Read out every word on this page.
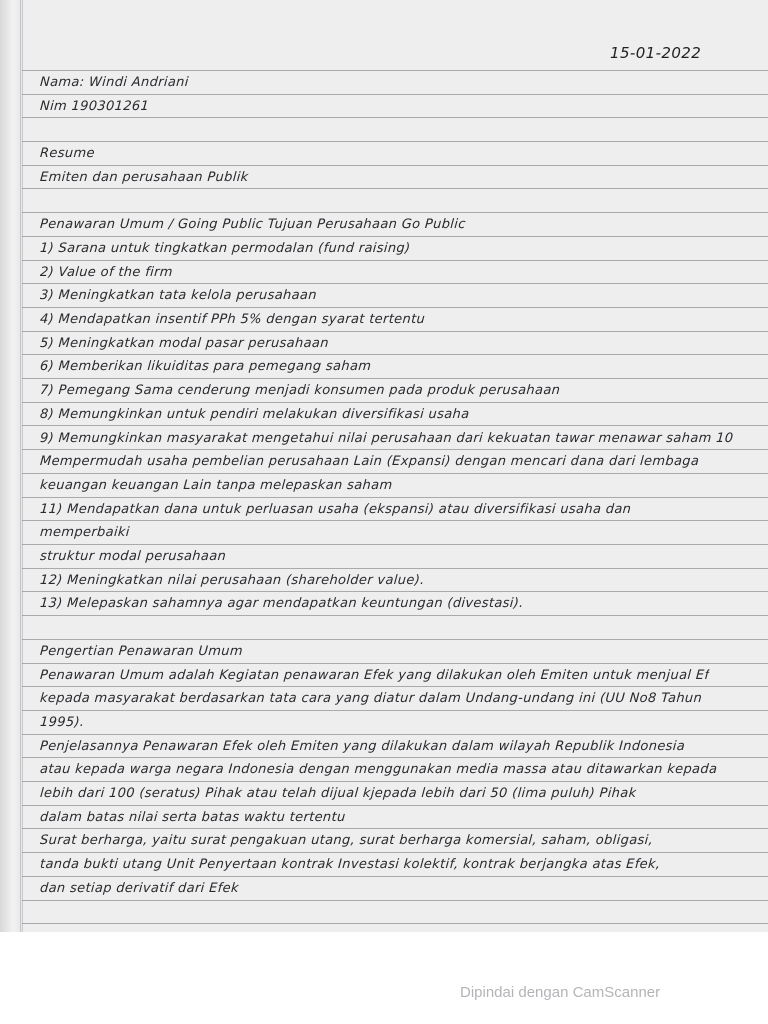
15-01-2022
Nama: Windi Andriani
Nim 190301261
Resume
Emiten dan perusahaan Publik
Penawaran Umum / Going Public Tujuan Perusahaan Go Public
1) Sarana untuk tingkatkan permodalan (fund raising)
2) Value of the firm
3) Meningkatkan tata kelola perusahaan
4) Mendapatkan insentif PPh 5% dengan syarat tertentu
5) Meningkatkan modal pasar perusahaan
6) Memberikan likuiditas para pemegang saham
7) Pemegang Sama cenderung menjadi konsumen pada produk perusahaan
8) Memungkinkan untuk pendiri melakukan diversifikasi usaha
9) Memungkinkan masyarakat mengetahui nilai perusahaan dari kekuatan tawar menawar saham 10
Mempermudah usaha pembelian perusahaan Lain (Expansi) dengan mencari dana dari lembaga
keuangan keuangan Lain tanpa melepaskan saham
11) Mendapatkan dana untuk perluasan usaha (ekspansi) atau diversifikasi usaha dan
memperbaiki
struktur modal perusahaan
12) Meningkatkan nilai perusahaan (shareholder value).
13) Melepaskan sahamnya agar mendapatkan keuntungan (divestasi).
Pengertian Penawaran Umum
Penawaran Umum adalah Kegiatan penawaran Efek yang dilakukan oleh Emiten untuk menjual Ef
kepada masyarakat berdasarkan tata cara yang diatur dalam Undang-undang ini (UU No8 Tahun
1995).
Penjelasannya Penawaran Efek oleh Emiten yang dilakukan dalam wilayah Republik Indonesia
atau kepada warga negara Indonesia dengan menggunakan media massa atau ditawarkan kepada
lebih dari 100 (seratus) Pihak atau telah dijual kjepada lebih dari 50 (lima puluh) Pihak
dalam batas nilai serta batas waktu tertentu
Surat berharga, yaitu surat pengakuan utang, surat berharga komersial, saham, obligasi,
tanda bukti utang Unit Penyertaan kontrak Investasi kolektif, kontrak berjangka atas Efek,
dan setiap derivatif dari Efek
Dipindai dengan CamScanner
